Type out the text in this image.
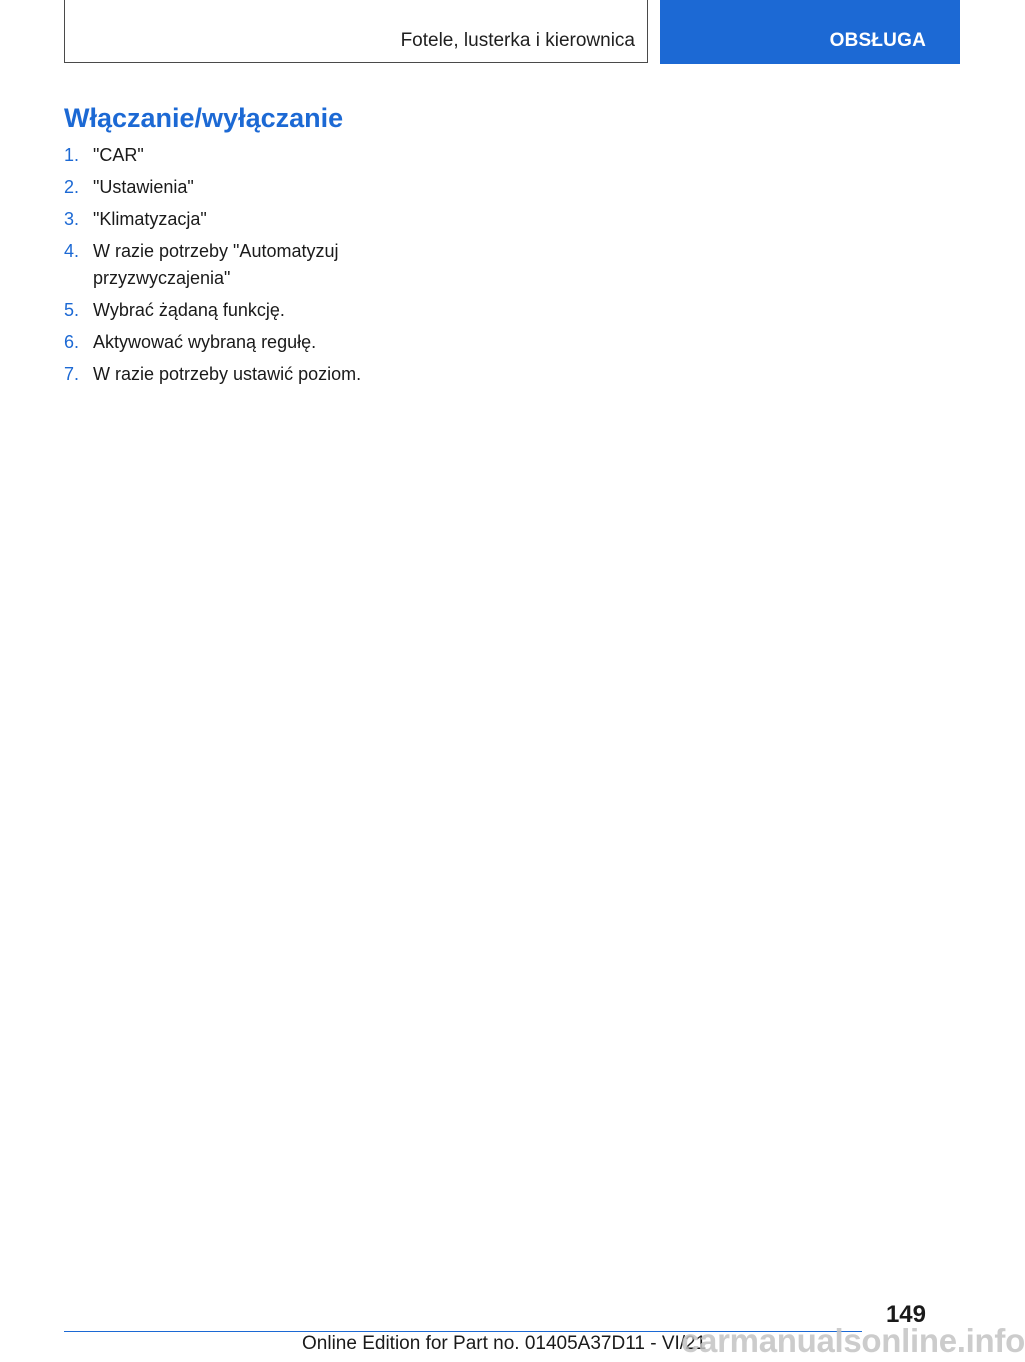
Fotele, lusterka i kierownica	OBSŁUGA
Włączanie/wyłączanie
1. "CAR"
2. "Ustawienia"
3. "Klimatyzacja"
4. W razie potrzeby "Automatyzuj przyzwyczajenia"
5. Wybrać żądaną funkcję.
6. Aktywować wybraną regułę.
7. W razie potrzeby ustawić poziom.
149
Online Edition for Part no. 01405A37D11 - VI/21
carmanualsonline.info
